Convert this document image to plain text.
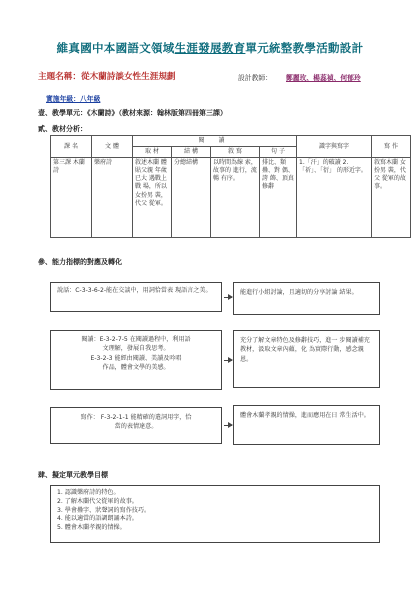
維真國中本國語文領域生涯發展教育單元統整教學活動設計
主題名稱：從木蘭詩談女性生涯規劃	設計教師： 鄭麗玫、楊蕊禎、何郁玲
實施年級：八年級
壹、教學單元：《木蘭詩》（教材來源：翰林版第四冊第三課）
貳、教材分析：
課 名	文 體	閱 讀				識字與寫字	寫 作
		取 材	結 構	敘 寫	句 子		
第三課 木蘭詩	樂府詩	敘述木蘭 體貼父親 年歲已大 遇戰上戰 場，所以 女扮男 裝，代父 從軍。	分總結構	以時間為線 索，故事的 進行，流暢 有序。	排比、類 疊、對 偶、誇 飾、頂真 修辭	1.「汗」的破讀 2.「祈」、「衍」 的形近字。	敘寫木蘭 女扮男 裝，代父 從軍的故 事。
參、能力指標的對應及轉化
說話：C-3-3-6-2-能在交談中，用詞恰當表 現語言之美。	能進行小組討論，且適切的分享討論 結果。
閱讀：E-3-2-7-5 在閱讀過程中，利用語
文理解，發展自我思考。
E-3-2-3 能經由閱讀、美讀及吟唱
作品，體會文學的美感。
充分了解文章特色及修辭技巧，進一 步閱讀補充教材，汲取文章內蘊，化 為實際行動，感念親恩。
寫作： F-3-2-1-1 能精確的遣詞用字，恰
當的表情達意。
體會木蘭孝親的情操，進而應用在日 常生活中。
肆、擬定單元教學目標
1. 認識樂府詩的特色。
2. 了解木蘭代父從軍的故事。
3. 學會疊字、狀聲詞的寫作技巧。
4. 能以適當的語調朗誦本詩。
5. 體會木蘭孝親的情操。
